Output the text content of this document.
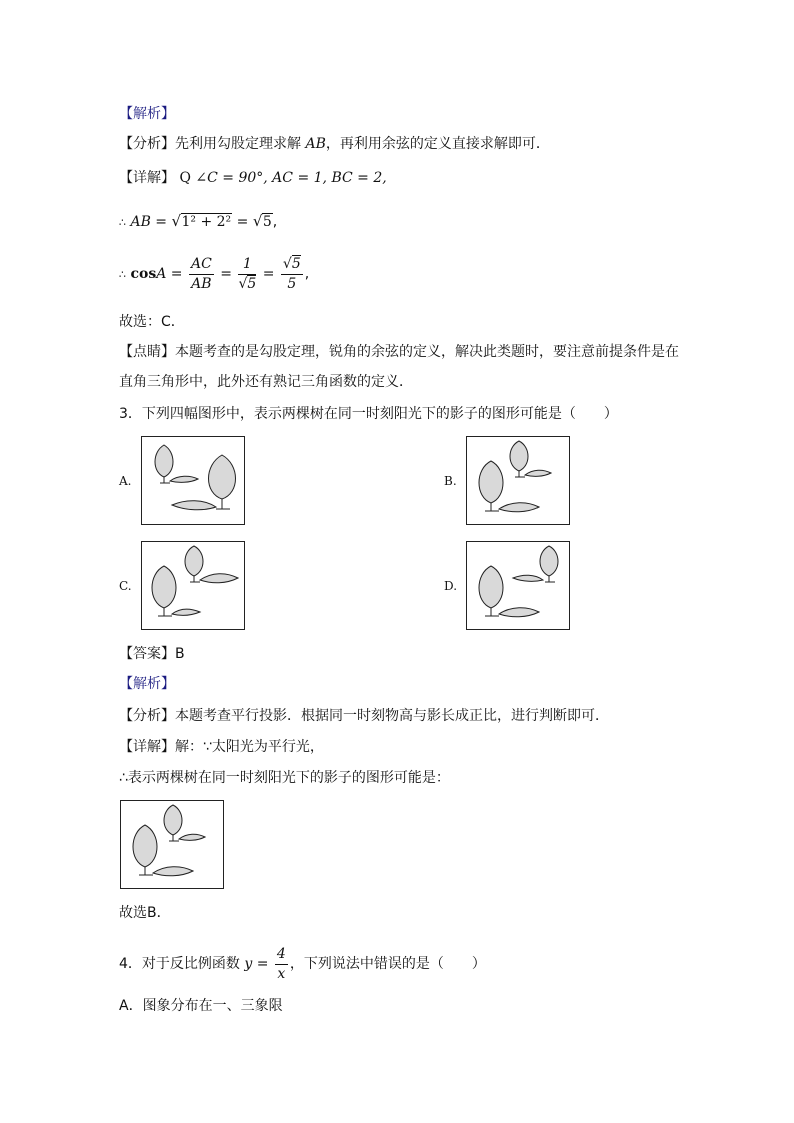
【解析】
【分析】先利用勾股定理求解 AB，再利用余弦的定义直接求解即可．
【详解】 Q ∠C = 90°, AC = 1, BC = 2,
∴ AB = √ 1² + 2² = √ 5,
∴ $\cos A = \frac{AC}{AB} = \frac{1}{√5} = \frac{√5}{5}$ ,
故选：C．
【点睛】本题考查的是勾股定理，锐角的余弦的定义，解决此类题时，要注意前提条件是在
直角三角形中，此外还有熟记三角函数的定义．
3．下列四幅图形中，表示两棵树在同一时刻阳光下的影子的图形可能是（　　）
A.	B.
C.	D.
【答案】B
【解析】
【分析】本题考查平行投影．根据同一时刻物高与影长成正比，进行判断即可．
【详解】解：∵太阳光为平行光，
∴表示两棵树在同一时刻阳光下的影子的图形可能是：
故选B．
4．对于反比例函数 $y = \frac{4}{x}$ ，下列说法中错误的是（　　）
A．图象分布在一、三象限
